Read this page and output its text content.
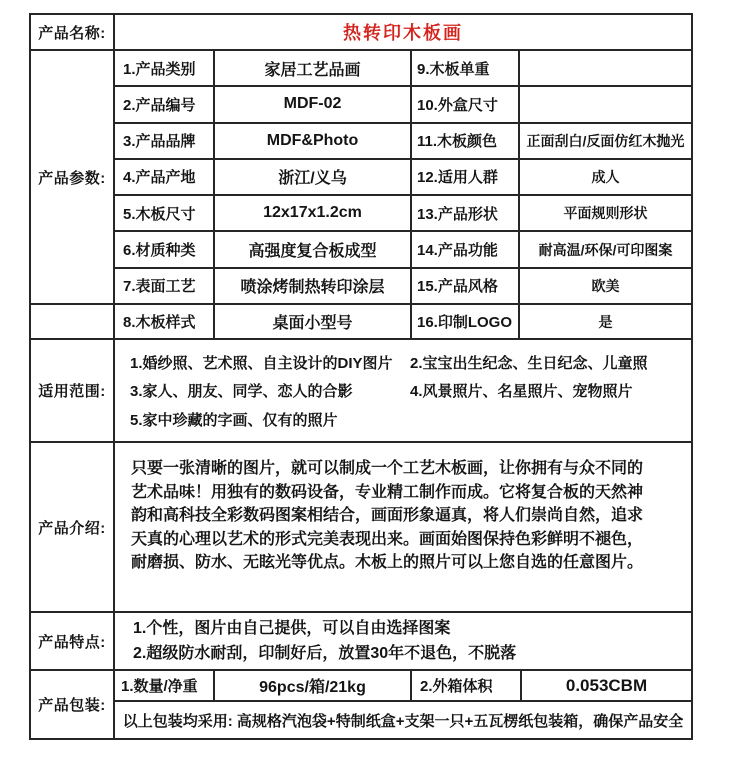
产品名称:	热转印木板画
产品参数:
1.产品类别	家居工艺品画	9.木板单重
2.产品编号	MDF-02	10.外盒尺寸
3.产品品牌	MDF&Photo	11.木板颜色	正面刮白/反面仿红木抛光
4.产品产地	浙江/义乌	12.适用人群	成人
5.木板尺寸	12x17x1.2cm	13.产品形状	平面规则形状
6.材质种类	高强度复合板成型	14.产品功能	耐高温/环保/可印图案
7.表面工艺	喷涂烤制热转印涂层	15.产品风格	欧美
8.木板样式	桌面小型号	16.印制LOGO	是
适用范围:
1.婚纱照、艺术照、自主设计的DIY图片	2.宝宝出生纪念、生日纪念、儿童照
3.家人、朋友、同学、恋人的合影	4.风景照片、名星照片、宠物照片
5.家中珍藏的字画、仅有的照片
产品介绍:
只要一张清晰的图片，就可以制成一个工艺木板画，让你拥有与众不同的
艺术品味！用独有的数码设备，专业精工制作而成。它将复合板的天然神
韵和高科技全彩数码图案相结合，画面形象逼真，将人们崇尚自然，追求
天真的心理以艺术的形式完美表现出来。画面始图保持色彩鲜明不褪色，
耐磨损、防水、无眩光等优点。木板上的照片可以上您自选的任意图片。
产品特点:
1.个性，图片由自己提供，可以自由选择图案
2.超级防水耐刮，印制好后，放置30年不退色，不脱落
产品包装:
1.数量/净重	96pcs/箱/21kg	2.外箱体积	0.053CBM
以上包装均采用: 高规格汽泡袋+特制纸盒+支架一只+五瓦楞纸包装箱，确保产品安全
